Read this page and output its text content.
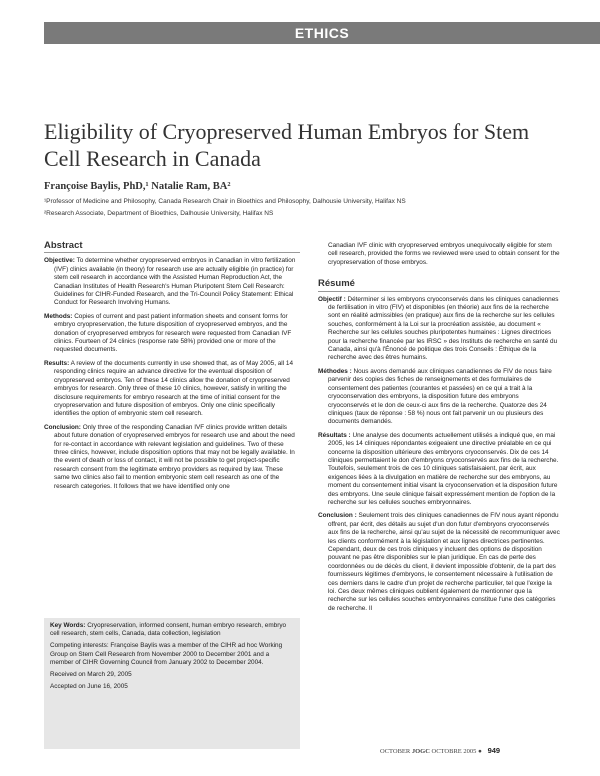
ETHICS
Eligibility of Cryopreserved Human Embryos for Stem Cell Research in Canada
Françoise Baylis, PhD,¹ Natalie Ram, BA²
¹Professor of Medicine and Philosophy, Canada Research Chair in Bioethics and Philosophy, Dalhousie University, Halifax NS
²Research Associate, Department of Bioethics, Dalhousie University, Halifax NS
Abstract

Objective: To determine whether cryopreserved embryos in Canadian in vitro fertilization (IVF) clinics available (in theory) for research use are actually eligible (in practice) for stem cell research in accordance with the Assisted Human Reproduction Act, the Canadian Institutes of Health Research's Human Pluripotent Stem Cell Research: Guidelines for CIHR-Funded Research, and the Tri-Council Policy Statement: Ethical Conduct for Research Involving Humans.

Methods: Copies of current and past patient information sheets and consent forms for embryo cryopreservation, the future disposition of cryopreserved embryos, and the donation of cryopreserved embryos for research were requested from Canadian IVF clinics. Fourteen of 24 clinics (response rate 58%) provided one or more of the requested documents.

Results: A review of the documents currently in use showed that, as of May 2005, all 14 responding clinics require an advance directive for the eventual disposition of cryopreserved embryos. Ten of these 14 clinics allow the donation of cryopreserved embryos for research. Only three of these 10 clinics, however, satisfy in writing the disclosure requirements for embryo research at the time of initial consent for the cryopreservation and future disposition of embryos. Only one clinic specifically identifies the option of embryonic stem cell research.

Conclusion: Only three of the responding Canadian IVF clinics provide written details about future donation of cryopreserved embryos for research use and about the need for re-contact in accordance with relevant legislation and guidelines. Two of these three clinics, however, include disposition options that may not be legally available. In the event of death or loss of contact, it will not be possible to get project-specific research consent from the legitimate embryo providers as required by law. These same two clinics also fail to mention embryonic stem cell research as one of the research categories. It follows that we have identified only one

Key Words: Cryopreservation, informed consent, human embryo research, embryo cell research, stem cells, Canada, data collection, legislation

Competing interests: Françoise Baylis was a member of the CIHR ad hoc Working Group on Stem Cell Research from November 2000 to December 2001 and a member of CIHR Governing Council from January 2002 to December 2004.

Received on March 29, 2005

Accepted on June 16, 2005

Canadian IVF clinic with cryopreserved embryos unequivocally eligible for stem cell research, provided the forms we reviewed were used to obtain consent for the cryopreservation of those embryos.

Résumé

Objectif : Déterminer si les embryons cryoconservés dans les cliniques canadiennes de fertilisation in vitro (FIV) et disponibles (en théorie) aux fins de la recherche sont en réalité admissibles (en pratique) aux fins de la recherche sur les cellules souches, conformément à la Loi sur la procréation assistée, au document « Recherche sur les cellules souches pluripotentes humaines : Lignes directrices pour la recherche financée par les IRSC » des Instituts de recherche en santé du Canada, ainsi qu'à l'Énoncé de politique des trois Conseils : Éthique de la recherche avec des êtres humains.

Méthodes : Nous avons demandé aux cliniques canadiennes de FIV de nous faire parvenir des copies des fiches de renseignements et des formulaires de consentement des patientes (courantes et passées) en ce qui a trait à la cryoconservation des embryons, la disposition future des embryons cryoconservés et le don de ceux-ci aux fins de la recherche. Quatorze des 24 cliniques (taux de réponse : 58 %) nous ont fait parvenir un ou plusieurs des documents demandés.

Résultats : Une analyse des documents actuellement utilisés a indiqué que, en mai 2005, les 14 cliniques répondantes exigeaient une directive préalable en ce qui concerne la disposition ultérieure des embryons cryoconservés. Dix de ces 14 cliniques permettaient le don d'embryons cryoconservés aux fins de la recherche. Toutefois, seulement trois de ces 10 cliniques satisfaisaient, par écrit, aux exigences liées à la divulgation en matière de recherche sur des embryons, au moment du consentement initial visant la cryoconservation et la disposition future des embryons. Une seule clinique faisait expressément mention de l'option de la recherche sur les cellules souches embryonnaires.

Conclusion : Seulement trois des cliniques canadiennes de FIV nous ayant répondu offrent, par écrit, des détails au sujet d'un don futur d'embryons cryoconservés aux fins de la recherche, ainsi qu'au sujet de la nécessité de recommuniquer avec les clients conformément à la législation et aux lignes directrices pertinentes. Cependant, deux de ces trois cliniques y incluent des options de disposition pouvant ne pas être disponibles sur le plan juridique. En cas de perte des coordonnées ou de décès du client, il devient impossible d'obtenir, de la part des fournisseurs légitimes d'embryons, le consentement nécessaire à l'utilisation de ces derniers dans le cadre d'un projet de recherche particulier, tel que l'exige la loi. Ces deux mêmes cliniques oublient également de mentionner que la recherche sur les cellules souches embryonnaires constitue l'une des catégories de recherche. Il

OCTOBER JOGC OCTOBRE 2005 ● 949
